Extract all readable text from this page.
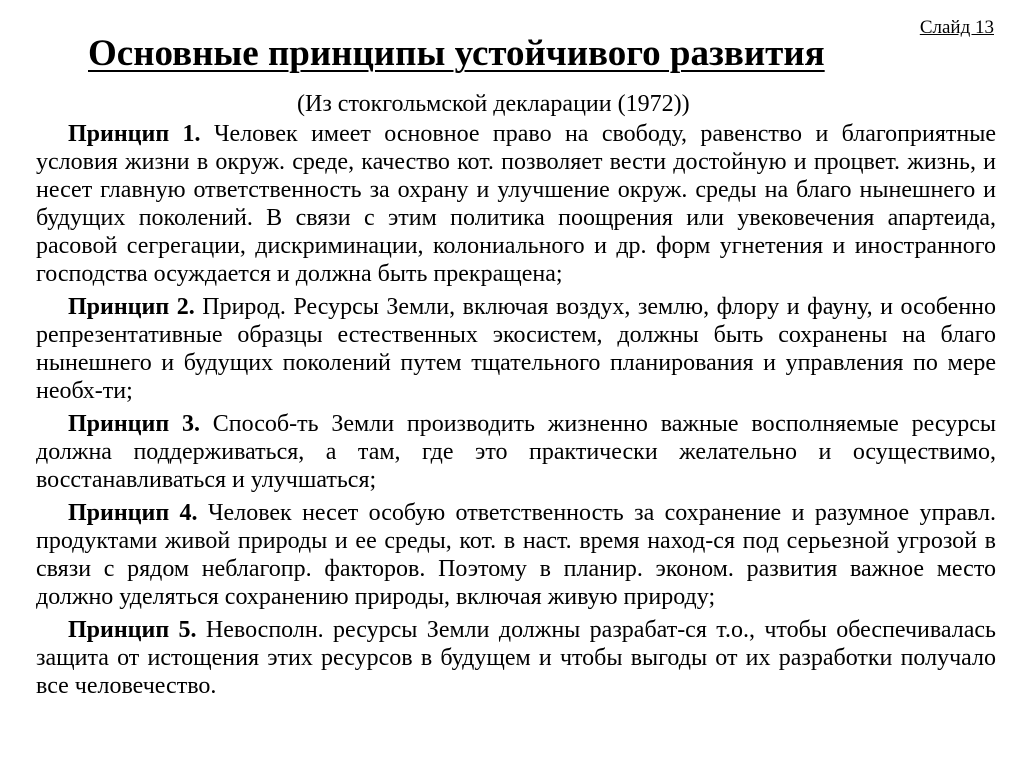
Слайд 13
Основные принципы устойчивого развития
(Из стокгольмской декларации (1972))

Принцип 1. Человек имеет основное право на свободу, равенство и благоприятные условия жизни в окруж. среде, качество кот. позволяет вести достойную и процвет. жизнь, и несет главную ответственность за охрану и улучшение окруж. среды на благо нынешнего и будущих поколений. В связи с этим политика поощрения или увековечения апартеида, расовой сегрегации, дискриминации, колониального и др. форм угнетения и иностранного господства осуждается и должна быть прекращена;

Принцип 2. Природ. Ресурсы Земли, включая воздух, землю, флору и фауну, и особенно репрезентативные образцы естественных экосистем, должны быть сохранены на благо нынешнего и будущих поколений путем тщательного планирования и управления по мере необх-ти;

Принцип 3. Способ-ть Земли производить жизненно важные восполняемые ресурсы должна поддерживаться, а там, где это практически желательно и осуществимо, восстанавливаться и улучшаться;

Принцип 4. Человек несет особую ответственность за сохранение и разумное управл. продуктами живой природы и ее среды, кот. в наст. время наход-ся под серьезной угрозой в связи с рядом неблагопр. факторов. Поэтому в планир. эконом. развития важное место должно уделяться сохранению природы, включая живую природу;

Принцип 5. Невосполн. ресурсы Земли должны разрабат-ся т.о., чтобы обеспечивалась защита от истощения этих ресурсов в будущем и чтобы выгоды от их разработки получало все человечество.
